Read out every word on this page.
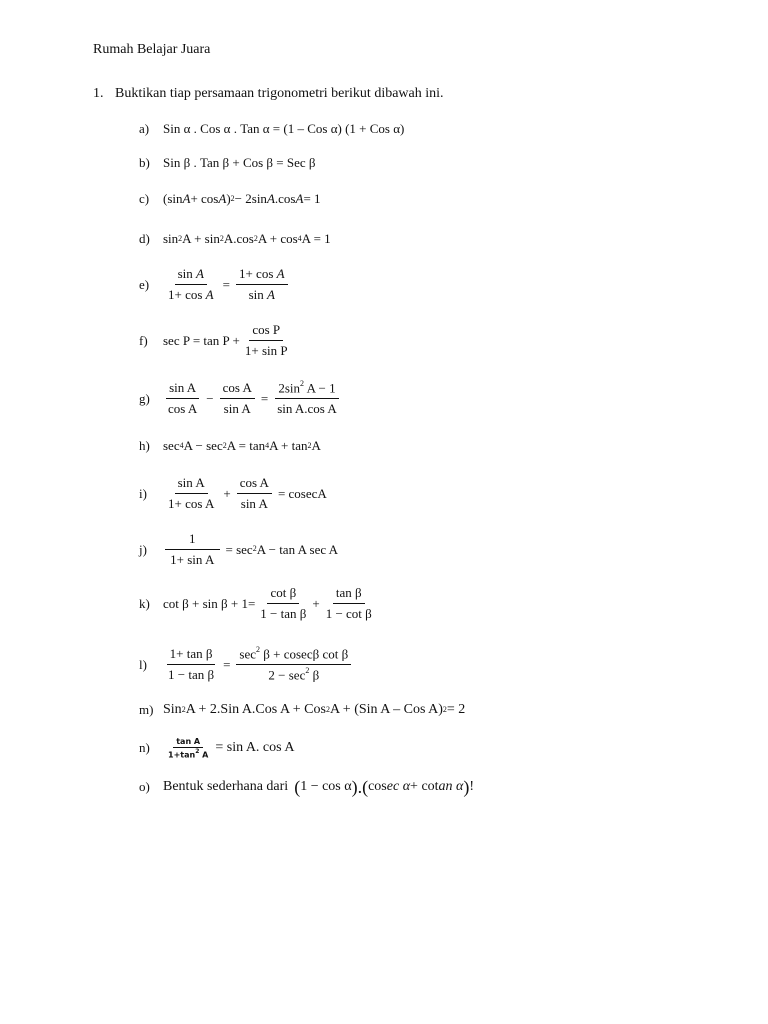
Rumah Belajar Juara
1. Buktikan tiap persamaan trigonometri berikut dibawah ini.
a)	Sin α . Cos α . Tan α = (1 – Cos α) (1 + Cos α)
b)	Sin β . Tan β + Cos β = Sec β
c)	(sin A + cos A )$^2$ − 2sin A .cos A = 1
d)	$\sin^2 A + \sin^2 A.\cos^2$ $A + \cos^4 A = 1$
e)	$\frac{\text{sin A}}{\text{1+ cos A}} = \frac{\text{1+ cos A}}{\text{sin A}}$
f)	$\sec P = \tan P + \frac{\text{cos P}}{\text{1+ sin P}}$
g)	$\frac{\text{sin A}}{\text{cos A}} - \frac{\text{cos A}}{\text{sin A}} = \frac{2\sin^2 A - 1}{\text{sin A.cos A}}$
h)	$\sec^4 A - \sec^2 A = \tan^4 A + \tan^2 A$
i)	$\frac{\text{sin A}}{\text{1+ cos A}} + \frac{\text{cos A}}{\text{sin A}} = cosecA$
j)	$\frac{1}{\text{1+ sin A}} = \sec^2 A - \tan A$ sec A
k)	$\cot \beta + \sin \beta + 1= \frac{\text{cot β}}{\text{1 − tan β}} + \frac{\text{tan β}}{\text{1 − cot β}}$
l)	$\frac{\text{1+ tan β}}{\text{1 − tan β}} = \frac{\sec^2 \beta + cosec\beta \cot \beta}{2 - \sec^2 \beta}$
m) Sin$^2$ A + 2.Sin A.Cos A + Cos$^2$ A + (Sin A – Cos A)$^2$ = 2
n)	$\frac{\text{tan A}}{1+\tan^2 A} = \sin A$. cos A
o) Bentuk sederhana dari ( 1 − cos α ). ( cos ec α + cot an α ) !
